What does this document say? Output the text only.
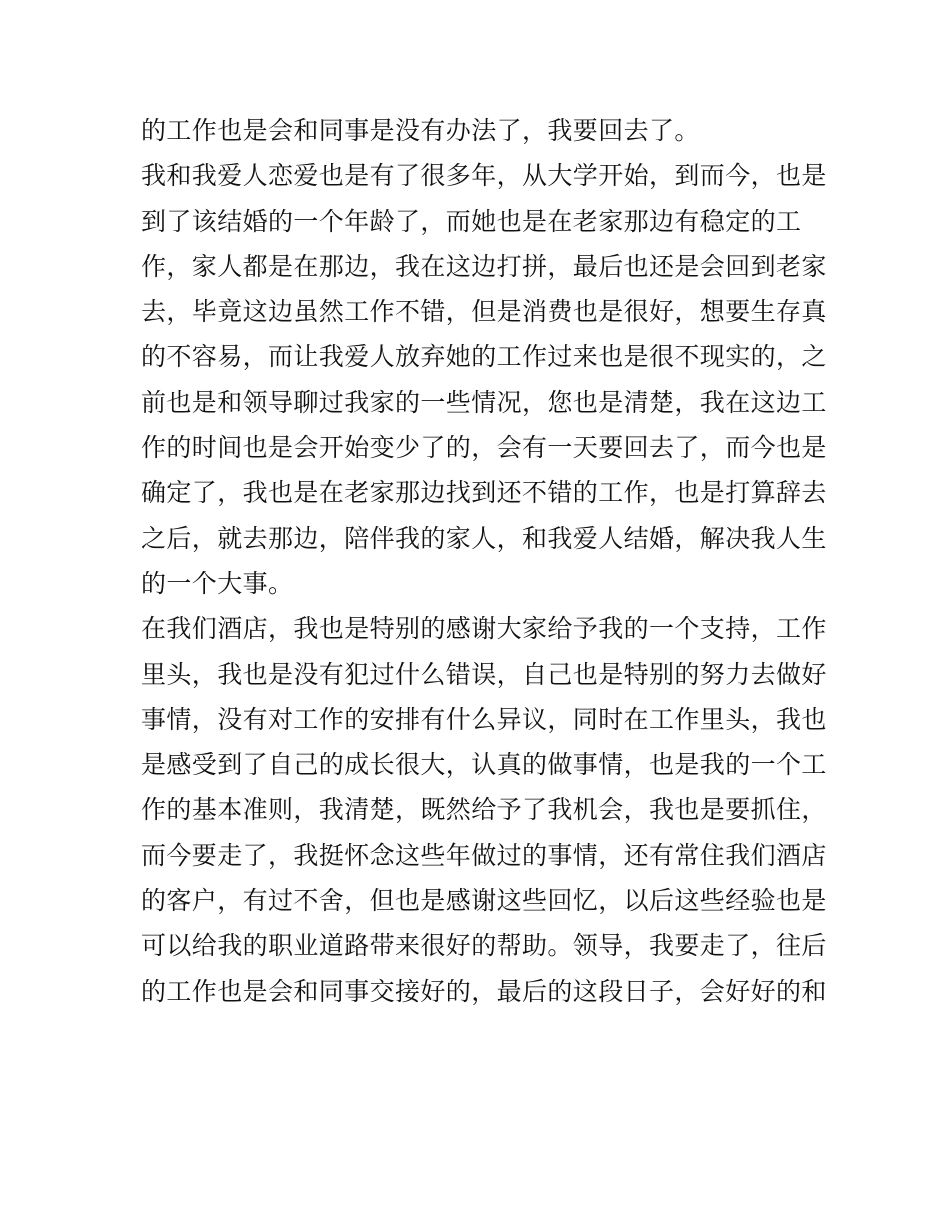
的工作也是会和同事是没有办法了，我要回去了。
我和我爱人恋爱也是有了很多年，从大学开始，到而今，也是
到了该结婚的一个年龄了，而她也是在老家那边有稳定的工
作，家人都是在那边，我在这边打拼，最后也还是会回到老家
去，毕竟这边虽然工作不错，但是消费也是很好，想要生存真
的不容易，而让我爱人放弃她的工作过来也是很不现实的，之
前也是和领导聊过我家的一些情况，您也是清楚，我在这边工
作的时间也是会开始变少了的，会有一天要回去了，而今也是
确定了，我也是在老家那边找到还不错的工作，也是打算辞去
之后，就去那边，陪伴我的家人，和我爱人结婚，解决我人生
的一个大事。
在我们酒店，我也是特别的感谢大家给予我的一个支持，工作
里头，我也是没有犯过什么错误，自己也是特别的努力去做好
事情，没有对工作的安排有什么异议，同时在工作里头，我也
是感受到了自己的成长很大，认真的做事情，也是我的一个工
作的基本准则，我清楚，既然给予了我机会，我也是要抓住，
而今要走了，我挺怀念这些年做过的事情，还有常住我们酒店
的客户，有过不舍，但也是感谢这些回忆，以后这些经验也是
可以给我的职业道路带来很好的帮助。领导，我要走了，往后
的工作也是会和同事交接好的，最后的这段日子，会好好的和
